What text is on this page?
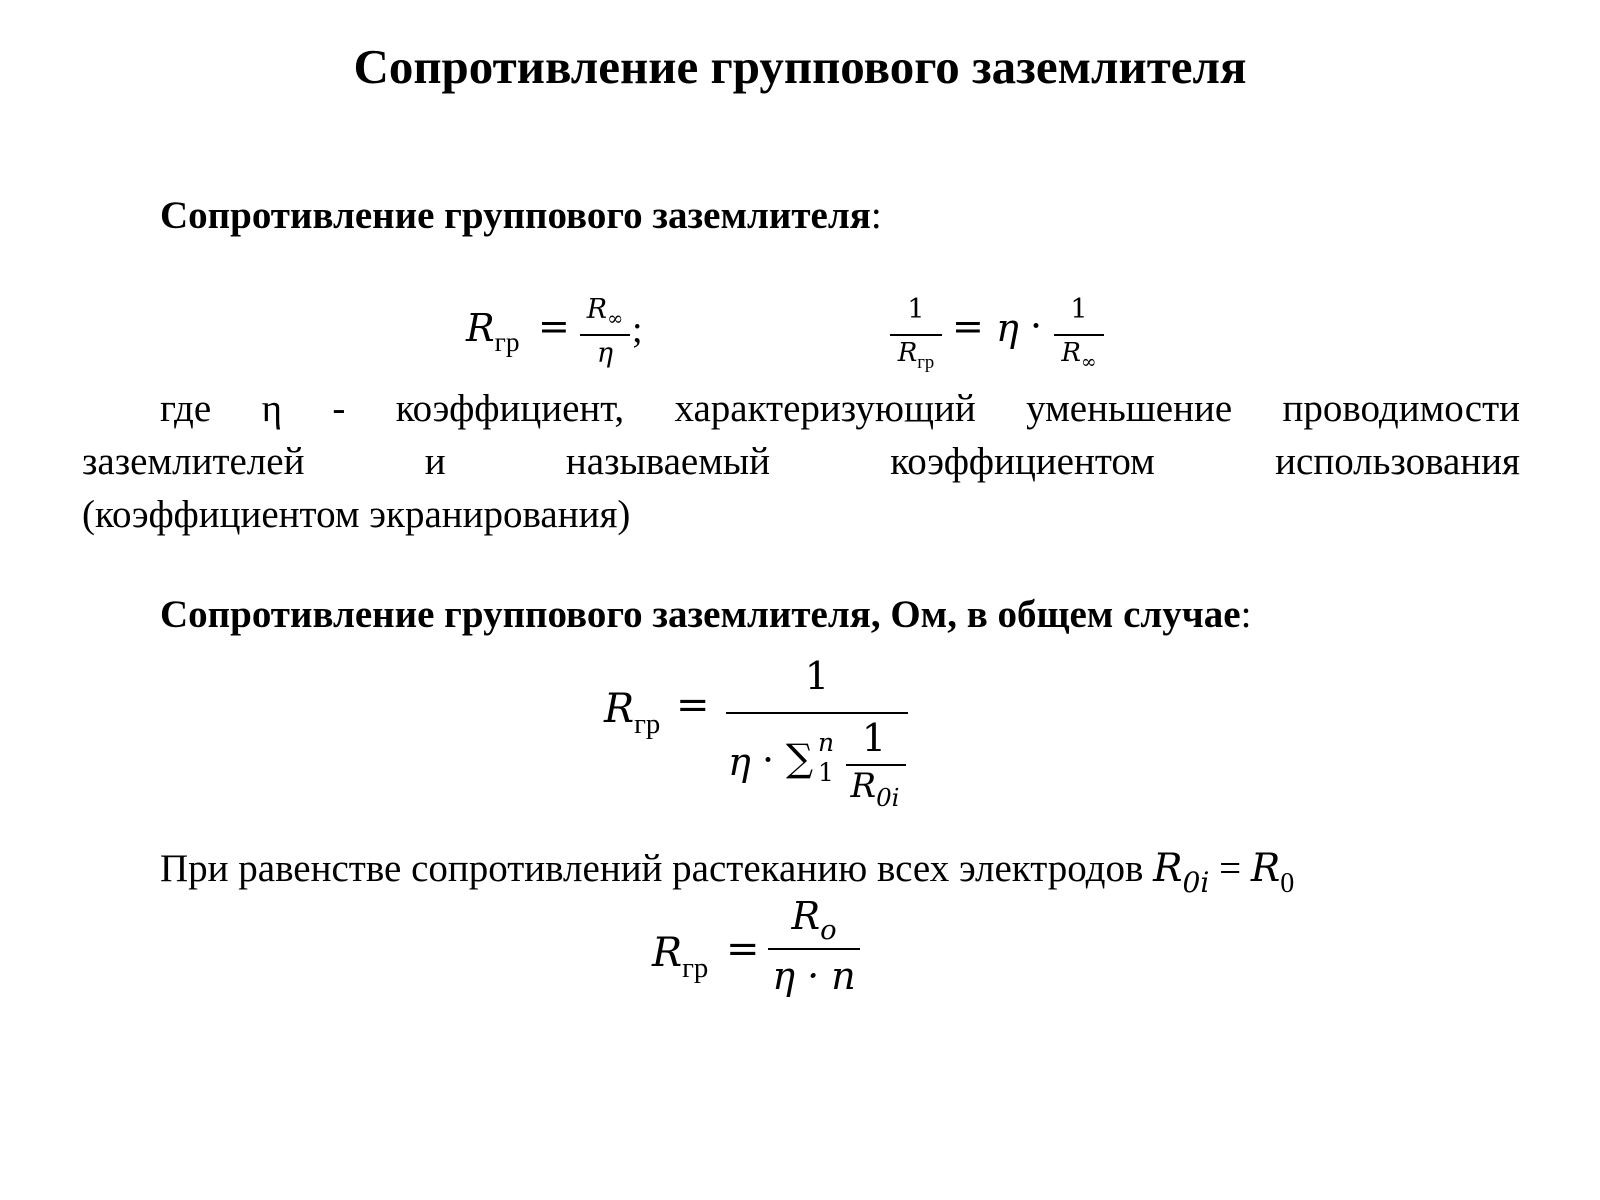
Сопротивление группового заземлителя
Сопротивление группового заземлителя:
$R_{гр} = R_\infty$
η
;	1
$R_{гр}$
= η ·	1
$R_\infty$
где η - коэффициент, характеризующий уменьшение проводимости
заземлителей и называемый коэффициентом использования
(коэффициентом экранирования)
Сопротивление группового заземлителя, Ом, в общем случае:
$R_{гр}$ =
1
η · ∑ n
1
1
$R_{0i}$
При равенстве сопротивлений растеканию всех электродов $R_{0i} = R_0$
$R_{гр}$ =
$R_o$
η · n
